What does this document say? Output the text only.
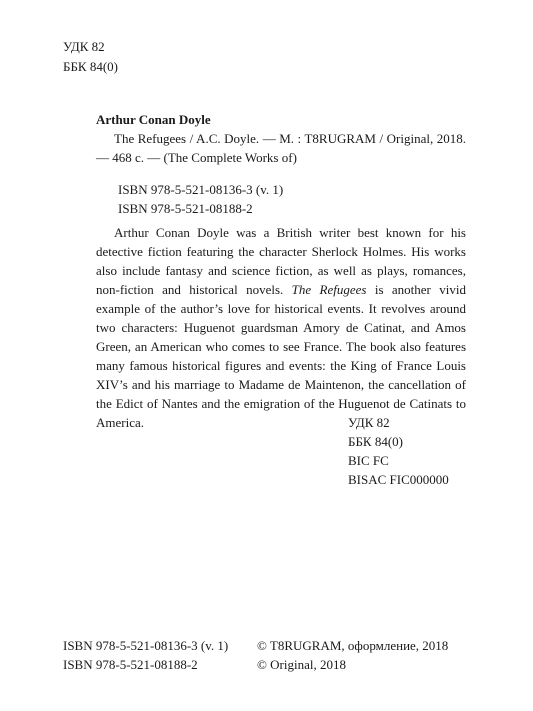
УДК 82
ББК 84(0)
Arthur Conan Doyle

The Refugees / A.C. Doyle. — M. : T8RUGRAM / Original, 2018. — 468 c. — (The Complete Works of)

ISBN 978-5-521-08136-3 (v. 1)
ISBN 978-5-521-08188-2

Arthur Conan Doyle was a British writer best known for his detective fiction featuring the character Sherlock Holmes. His works also include fantasy and science fiction, as well as plays, romances, non-fiction and historical novels. The Refugees is another vivid example of the author’s love for historical events. It revolves around two characters: Huguenot guardsman Amory de Catinat, and Amos Green, an American who comes to see France. The book also features many famous historical figures and events: the King of France Louis XIV’s and his marriage to Madame de Maintenon, the cancellation of the Edict of Nantes and the emigration of the Huguenot de Catinats to America.	УДК 82
ББК 84(0)
BIC FC
BISAC FIC000000
ISBN 978-5-521-08136-3 (v. 1)
ISBN 978-5-521-08188-2
© T8RUGRAM, оформление, 2018
© Original, 2018
